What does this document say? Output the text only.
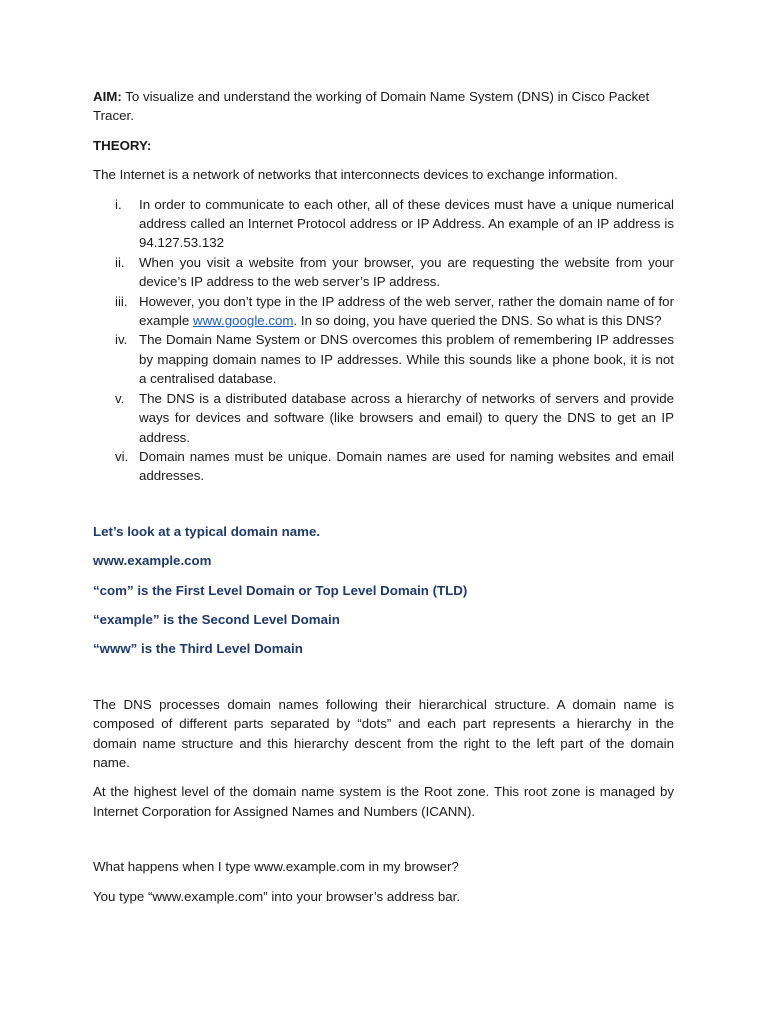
AIM: To visualize and understand the working of Domain Name System (DNS) in Cisco Packet Tracer.

THEORY:

The Internet is a network of networks that interconnects devices to exchange information.

i.	In order to communicate to each other, all of these devices must have a unique numerical address called an Internet Protocol address or IP Address. An example of an IP address is 94.127.53.132
ii.	When you visit a website from your browser, you are requesting the website from your device’s IP address to the web server’s IP address.
iii. However, you don’t type in the IP address of the web server, rather the domain name of for example www.google.com. In so doing, you have queried the DNS. So what is this DNS?
iv. The Domain Name System or DNS overcomes this problem of remembering IP addresses by mapping domain names to IP addresses. While this sounds like a phone book, it is not a centralised database.
v.	The DNS is a distributed database across a hierarchy of networks of servers and provide ways for devices and software (like browsers and email) to query the DNS to get an IP address.
vi. Domain names must be unique. Domain names are used for naming websites and email addresses.

Let’s look at a typical domain name.

www.example.com

“com” is the First Level Domain or Top Level Domain (TLD)

“example” is the Second Level Domain

“www” is the Third Level Domain

The DNS processes domain names following their hierarchical structure. A domain name is composed of different parts separated by “dots” and each part represents a hierarchy in the domain name structure and this hierarchy descent from the right to the left part of the domain name.

At the highest level of the domain name system is the Root zone. This root zone is managed by Internet Corporation for Assigned Names and Numbers (ICANN).

What happens when I type www.example.com in my browser?

You type “www.example.com” into your browser’s address bar.
